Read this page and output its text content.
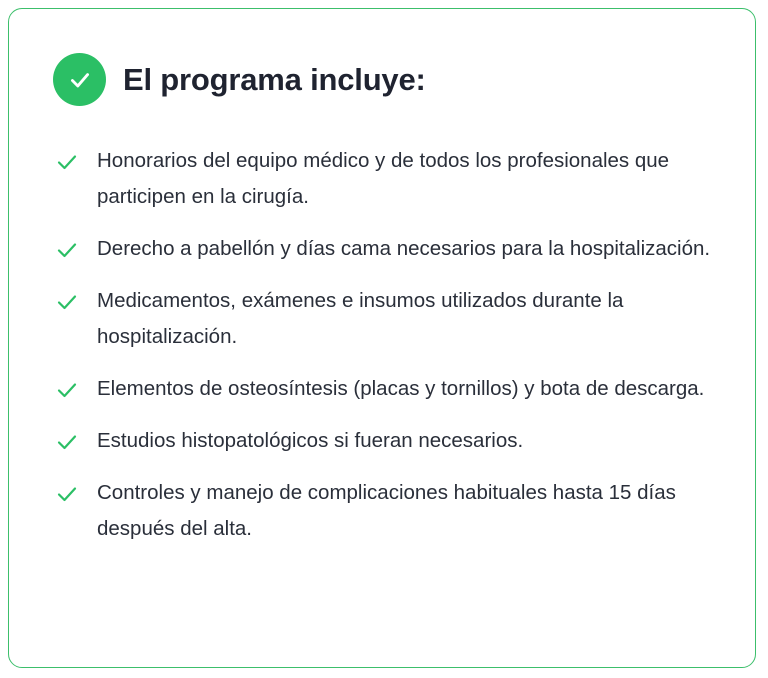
El programa incluye:
Honorarios del equipo médico y de todos los profesionales que participen en la cirugía.
Derecho a pabellón y días cama necesarios para la hospitalización.
Medicamentos, exámenes e insumos utilizados durante la hospitalización.
Elementos de osteosíntesis (placas y tornillos) y bota de descarga.
Estudios histopatológicos si fueran necesarios.
Controles y manejo de complicaciones habituales hasta 15 días después del alta.
